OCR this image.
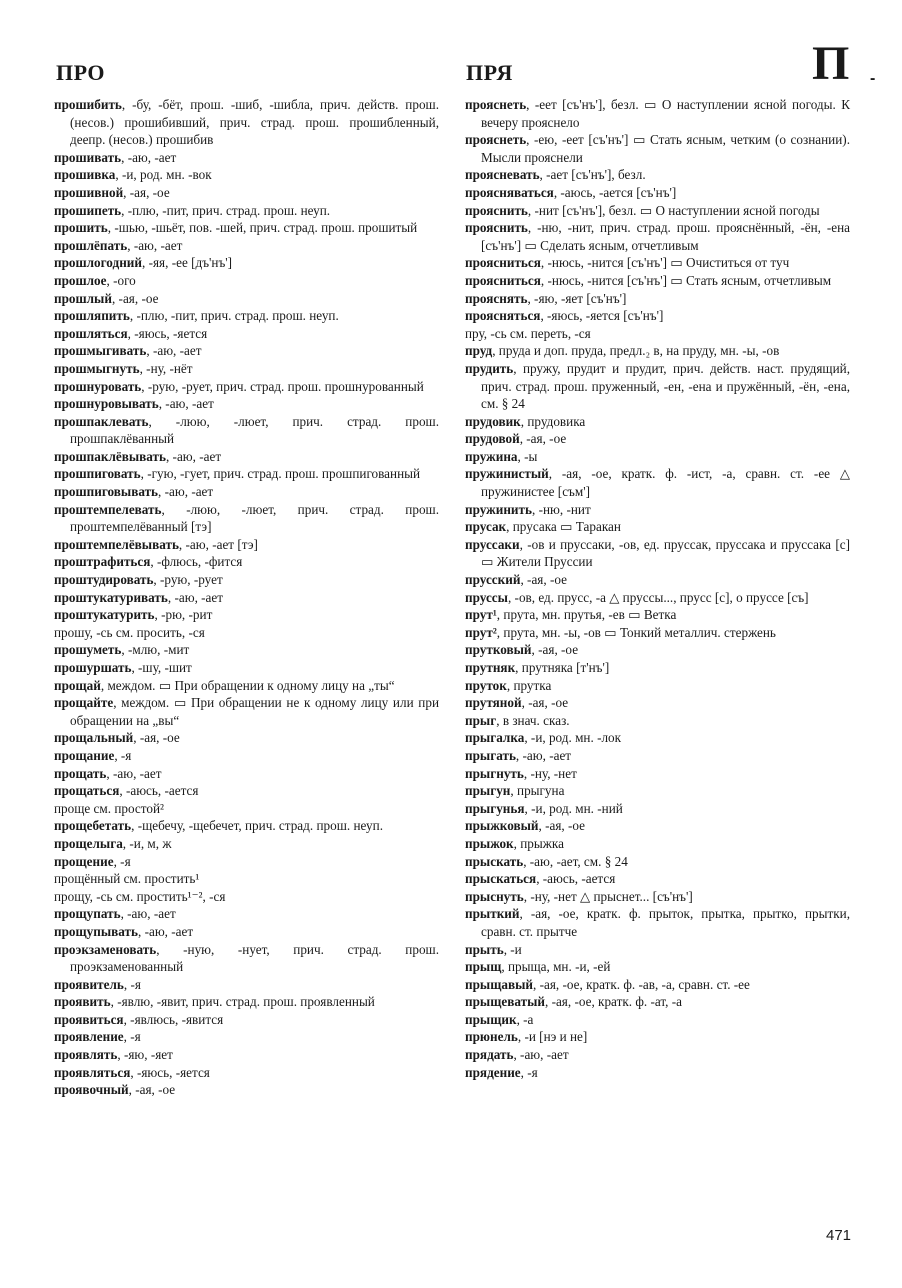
ПРО	ПРЯ	П -
прошибить, -бу, -бёт, прош. -шиб, -шибла, прич. действ. прош. (несов.) прошибивший, прич. страд. прош. прошибленный, деепр. (несов.) прошибив
прошивать, -аю, -ает
прошивка, -и, род. мн. -вок
прошивной, -ая, -ое
прошипеть, -плю, -пит, прич. страд. прош. неуп.
прошить, -шью, -шьёт, пов. -шей, прич. страд. прош. прошитый
прошлёпать, -аю, -ает
прошлогодний, -яя, -ее [дъ'нъ']
прошлое, -ого
прошлый, -ая, -ое
прошляпить, -плю, -пит, прич. страд. прош. неуп.
прошляться, -яюсь, -яется
прошмыгивать, -аю, -ает
прошмыгнуть, -ну, -нёт
прошнуровать, -рую, -рует, прич. страд. прош. прошнурованный
прошнуровывать, -аю, -ает
прошпаклевать, -люю, -люет, прич. страд. прош. прошпаклёванный
прошпаклёвывать, -аю, -ает
прошпиговать, -гую, -гует, прич. страд. прош. прошпигованный
прошпиговывать, -аю, -ает
проштемпелевать, -люю, -люет, прич. страд. прош. проштемпелёванный [тэ]
проштемпелёвывать, -аю, -ает [тэ]
проштрафиться, -флюсь, -фится
проштудировать, -рую, -рует
проштукатуривать, -аю, -ает
проштукатурить, -рю, -рит
прошу, -сь см. просить, -ся
прошуметь, -млю, -мит
прошуршать, -шу, -шит
прощай, междом. ▭ При обращении к одному лицу на „ты“
прощайте, междом. ▭ При обращении не к одному лицу или при обращении на „вы“
прощальный, -ая, -ое
прощание, -я
прощать, -аю, -ает
прощаться, -аюсь, -ается
проще см. простой²
прощебетать, -щебечу, -щебечет, прич. страд. прош. неуп.
прощелыга, -и, м, ж
прощение, -я
прощённый см. простить¹
прощу, -сь см. простить¹⁻², -ся
прощупать, -аю, -ает
прощупывать, -аю, -ает
проэкзаменовать, -ную, -нует, прич. страд. прош. проэкзаменованный
проявитель, -я
проявить, -явлю, -явит, прич. страд. прош. проявленный
проявиться, -явлюсь, -явится
проявление, -я
проявлять, -яю, -яет
проявляться, -яюсь, -яется
проявочный, -ая, -ое
прояснеть, -еет [съ'нъ'], безл. ▭ О наступлении ясной погоды. К вечеру прояснело
прояснеть, -ею, -еет [съ'нъ'] ▭ Стать ясным, четким (о сознании). Мысли прояснели
проясневать, -ает [съ'нъ'], безл.
проясняваться, -аюсь, -ается [съ'нъ']
прояснить, -нит [съ'нъ'], безл. ▭ О наступлении ясной погоды
прояснить, -ню, -нит, прич. страд. прош. прояснённый, -ён, -ена [съ'нъ'] ▭ Сделать ясным, отчетливым
проясниться, -нюсь, -нится [съ'нъ'] ▭ Очиститься от туч
проясниться, -нюсь, -нится [съ'нъ'] ▭ Стать ясным, отчетливым
прояснять, -яю, -яет [съ'нъ']
проясняться, -яюсь, -яется [съ'нъ']
пру, -сь см. переть, -ся
пруд, пруда и доп. пруда, предл.₂ в, на пруду, мн. -ы, -ов
прудить, пружу, прудит и прудит, прич. действ. наст. прудящий, прич. страд. прош. пруженный, -ен, -ена и пружённый, -ён, -ена, см. § 24
прудовик, прудовика
прудовой, -ая, -ое
пружина, -ы
пружинистый, -ая, -ое, кратк. ф. -ист, -а, сравн. ст. -ее △ пружинистее [съм']
пружинить, -ню, -нит
прусак, прусака ▭ Таракан
пруссаки, -ов и пруссаки, -ов, ед. пруссак, пруссака и пруссака [с] ▭ Жители Пруссии
прусский, -ая, -ое
пруссы, -ов, ед. прусс, -а △ пруссы..., прусс [с], о пруссе [съ]
прут¹, прута, мн. прутья, -ев ▭ Ветка
прут², прута, мн. -ы, -ов ▭ Тонкий металлич. стержень
прутковый, -ая, -ое
прутняк, прутняка [т'нъ']
пруток, прутка
прутяной, -ая, -ое
прыг, в знач. сказ.
прыгалка, -и, род. мн. -лок
прыгать, -аю, -ает
прыгнуть, -ну, -нет
прыгун, прыгуна
прыгунья, -и, род. мн. -ний
прыжковый, -ая, -ое
прыжок, прыжка
прыскать, -аю, -ает, см. § 24
прыскаться, -аюсь, -ается
прыснуть, -ну, -нет △ прыснет... [съ'нъ']
прыткий, -ая, -ое, кратк. ф. прыток, прытка, прытко, прытки, сравн. ст. прытче
прыть, -и
прыщ, прыща, мн. -и, -ей
прыщавый, -ая, -ое, кратк. ф. -ав, -а, сравн. ст. -ее
прыщеватый, -ая, -ое, кратк. ф. -ат, -а
прыщик, -а
прюнель, -и [нэ и не]
прядать, -аю, -ает
прядение, -я
471
